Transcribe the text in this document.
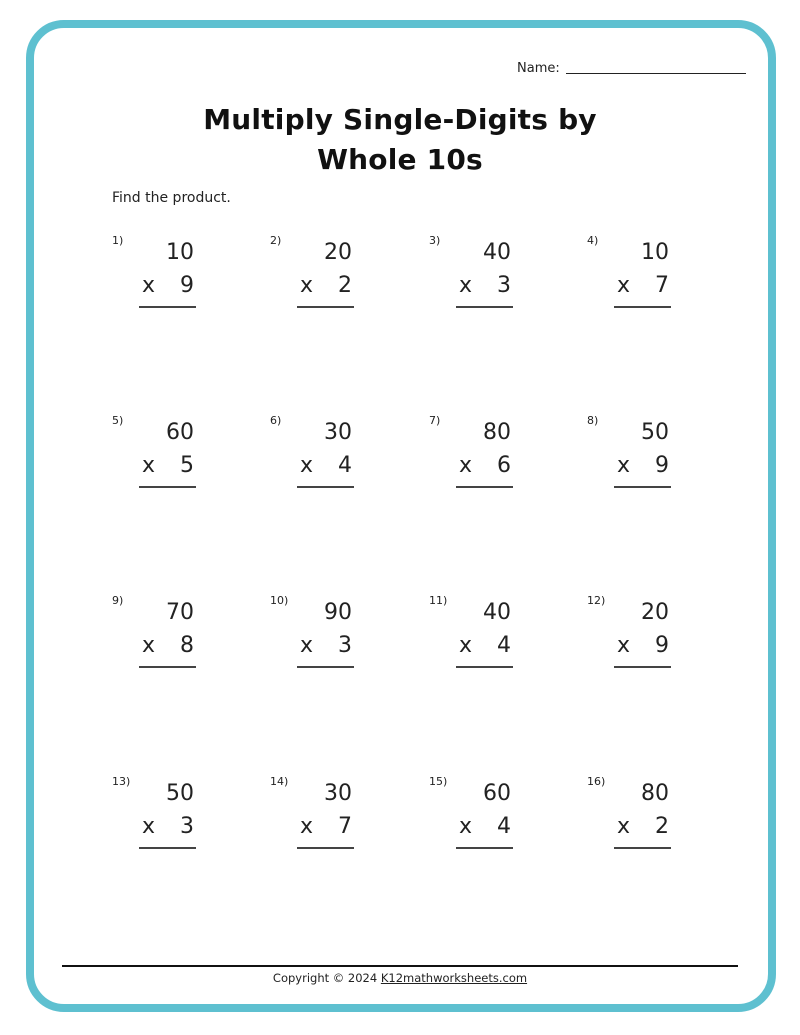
Name:
Multiply Single-Digits by
Whole 10s
Find the product.
1)	10
x	9
2)	20
x	2
3)	40
x	3
4)	10
x	7
5)	60
x	5
6)	30
x	4
7)	80
x	6
8)	50
x	9
9)	70
x	8
10)	90
x	3
11)	40
x	4
12)	20
x	9
13)	50
x	3
14)	30
x	7
15)	60
x	4
16)	80
x	2
Copyright © 2024 K12mathworksheets.com
